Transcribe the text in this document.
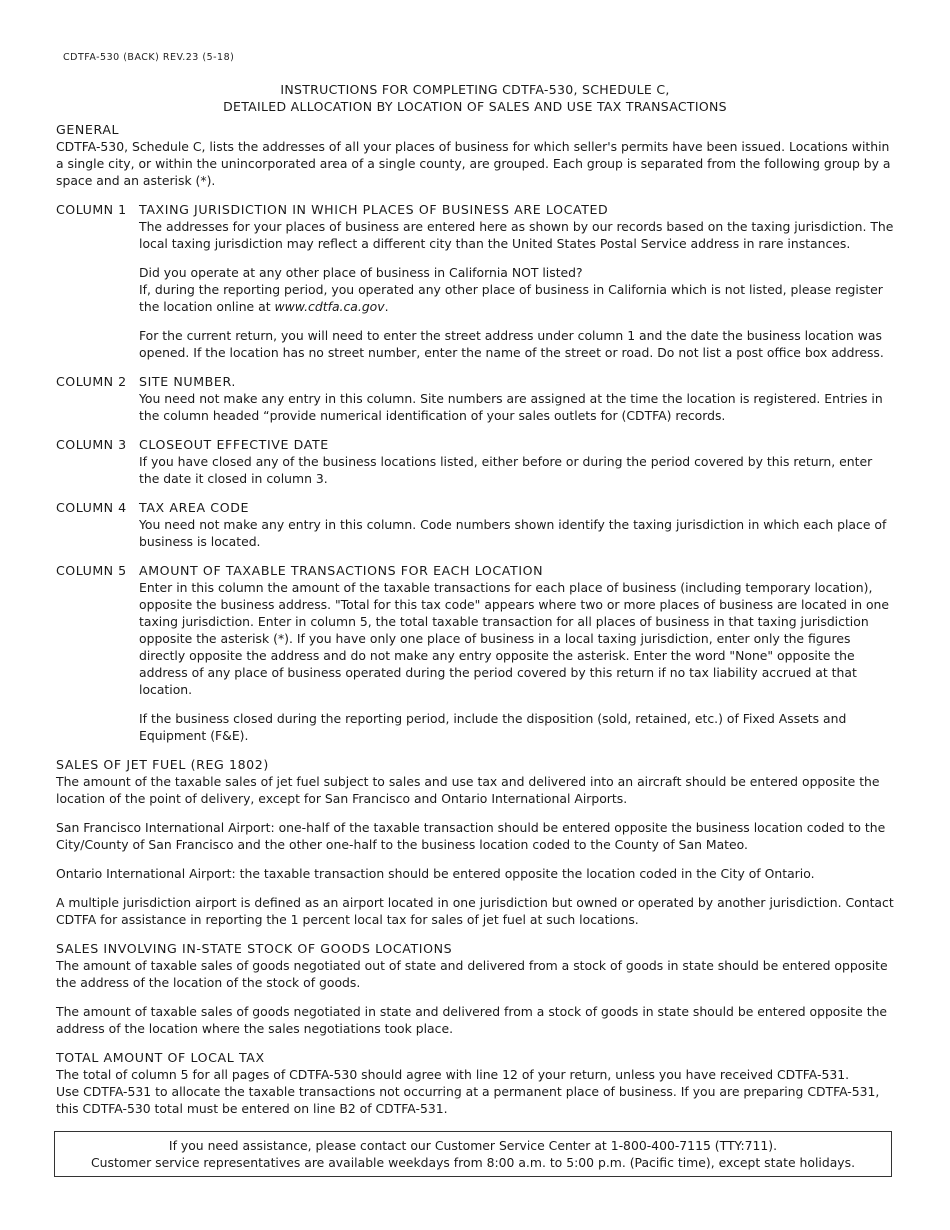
CDTFA-530 (BACK) REV.23 (5-18)
INSTRUCTIONS FOR COMPLETING CDTFA-530, SCHEDULE C,
DETAILED ALLOCATION BY LOCATION OF SALES AND USE TAX TRANSACTIONS
GENERAL

CDTFA-530, Schedule C, lists the addresses of all your places of business for which seller's permits have been issued. Locations within a single city, or within the unincorporated area of a single county, are grouped. Each group is separated from the following group by a space and an asterisk (*).

COLUMN 1 TAXING JURISDICTION IN WHICH PLACES OF BUSINESS ARE LOCATED

The addresses for your places of business are entered here as shown by our records based on the taxing jurisdiction. The local taxing jurisdiction may reflect a different city than the United States Postal Service address in rare instances.

Did you operate at any other place of business in California NOT listed?
If, during the reporting period, you operated any other place of business in California which is not listed, please register the location online at www.cdtfa.ca.gov.

For the current return, you will need to enter the street address under column 1 and the date the business location was opened. If the location has no street number, enter the name of the street or road. Do not list a post office box address.

COLUMN 2 SITE NUMBER.

You need not make any entry in this column. Site numbers are assigned at the time the location is registered. Entries in the column headed “provide numerical identification of your sales outlets for (CDTFA) records.

COLUMN 3 CLOSEOUT EFFECTIVE DATE

If you have closed any of the business locations listed, either before or during the period covered by this return, enter the date it closed in column 3.

COLUMN 4 TAX AREA CODE

You need not make any entry in this column. Code numbers shown identify the taxing jurisdiction in which each place of business is located.

COLUMN 5 AMOUNT OF TAXABLE TRANSACTIONS FOR EACH LOCATION

Enter in this column the amount of the taxable transactions for each place of business (including temporary location), opposite the business address. "Total for this tax code" appears where two or more places of business are located in one taxing jurisdiction. Enter in column 5, the total taxable transaction for all places of business in that taxing jurisdiction opposite the asterisk (*). If you have only one place of business in a local taxing jurisdiction, enter only the figures directly opposite the address and do not make any entry opposite the asterisk. Enter the word "None" opposite the address of any place of business operated during the period covered by this return if no tax liability accrued at that location.

If the business closed during the reporting period, include the disposition (sold, retained, etc.) of Fixed Assets and Equipment (F&E).

SALES OF JET FUEL (REG 1802)

The amount of the taxable sales of jet fuel subject to sales and use tax and delivered into an aircraft should be entered opposite the location of the point of delivery, except for San Francisco and Ontario International Airports.

San Francisco International Airport: one-half of the taxable transaction should be entered opposite the business location coded to the City/County of San Francisco and the other one-half to the business location coded to the County of San Mateo.

Ontario International Airport: the taxable transaction should be entered opposite the location coded in the City of Ontario.

A multiple jurisdiction airport is defined as an airport located in one jurisdiction but owned or operated by another jurisdiction. Contact CDTFA for assistance in reporting the 1 percent local tax for sales of jet fuel at such locations.

SALES INVOLVING IN-STATE STOCK OF GOODS LOCATIONS

The amount of taxable sales of goods negotiated out of state and delivered from a stock of goods in state should be entered opposite the address of the location of the stock of goods.

The amount of taxable sales of goods negotiated in state and delivered from a stock of goods in state should be entered opposite the address of the location where the sales negotiations took place.

TOTAL AMOUNT OF LOCAL TAX

The total of column 5 for all pages of CDTFA-530 should agree with line 12 of your return, unless you have received CDTFA-531.

Use CDTFA-531 to allocate the taxable transactions not occurring at a permanent place of business. If you are preparing CDTFA-531, this CDTFA-530 total must be entered on line B2 of CDTFA-531.

If you need assistance, please contact our Customer Service Center at 1-800-400-7115 (TTY:711).
Customer service representatives are available weekdays from 8:00 a.m. to 5:00 p.m. (Pacific time), except state holidays.
